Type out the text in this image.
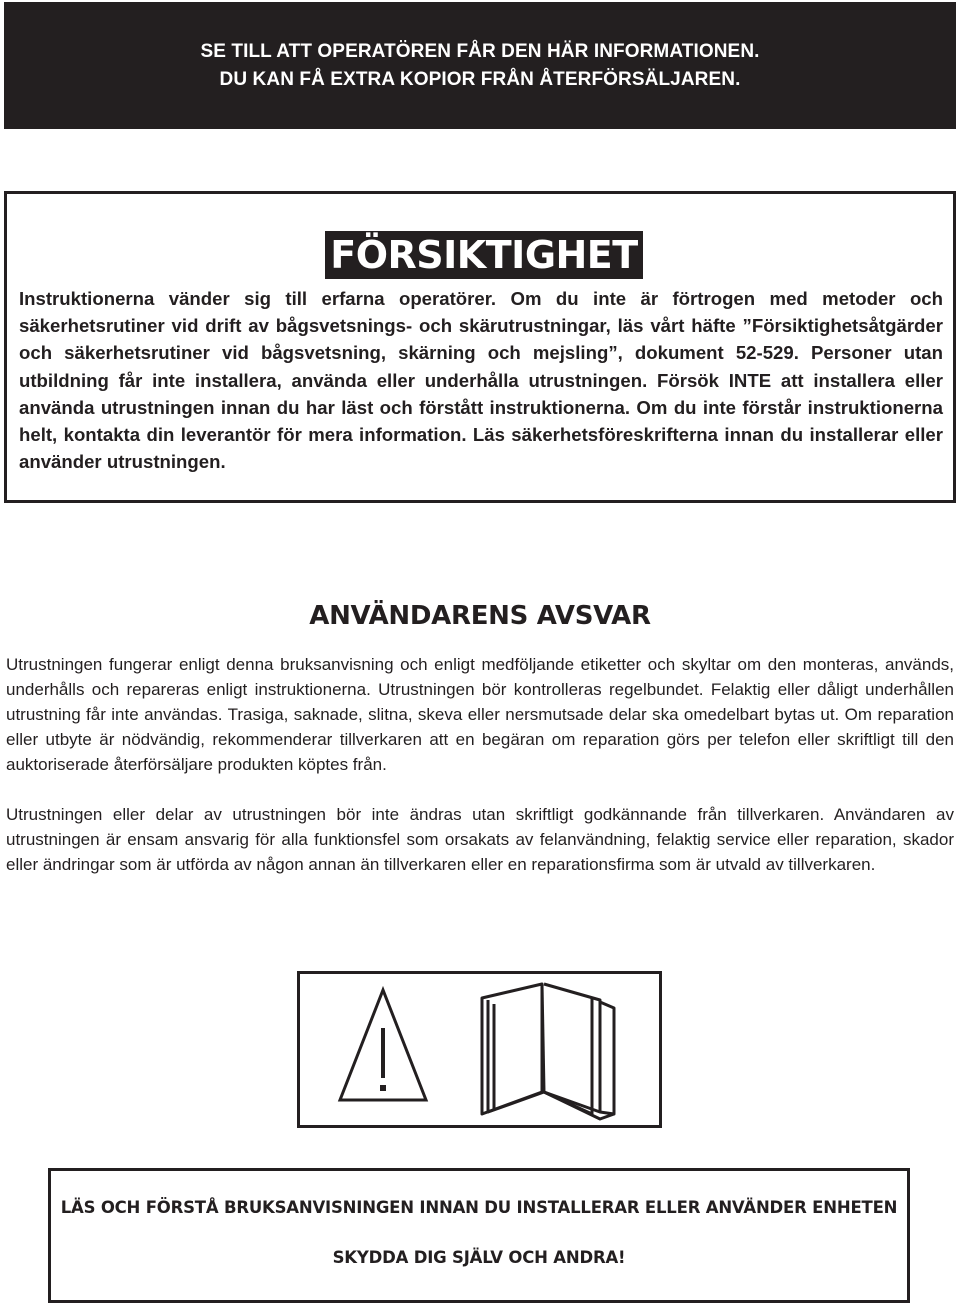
SE TILL ATT OPERATÖREN FÅR DEN HÄR INFORMATIONEN.
DU KAN FÅ EXTRA KOPIOR FRÅN ÅTERFÖRSÄLJAREN.
FÖRSIKTIGHET

Instruktionerna vänder sig till erfarna operatörer. Om du inte är förtrogen med metoder och säkerhetsrutiner vid drift av bågsvetsnings- och skärutrustningar, läs vårt häfte ”Försiktighetsåtgärder och säkerhetsrutiner vid bågsvetsning, skärning och mejsling”, dokument 52-529. Personer utan utbildning får inte installera, använda eller underhålla utrustningen. Försök INTE att installera eller använda utrustningen innan du har läst och förstått instruktionerna. Om du inte förstår instruktionerna helt, kontakta din leverantör för mera information. Läs säkerhetsföreskrifterna innan du installerar eller använder utrustningen.

ANVÄNDARENS AVSVAR

Utrustningen fungerar enligt denna bruksanvisning och enligt medföljande etiketter och skyltar om den monteras, används, underhålls och repareras enligt instruktionerna. Utrustningen bör kontrolleras regelbundet. Felaktig eller dåligt underhållen utrustning får inte användas. Trasiga, saknade, slitna, skeva eller nersmutsade delar ska omedelbart bytas ut. Om reparation eller utbyte är nödvändig, rekommenderar tillverkaren att en begäran om reparation görs per telefon eller skriftligt till den auktoriserade återförsäljare produkten köptes från.

Utrustningen eller delar av utrustningen bör inte ändras utan skriftligt godkännande från tillverkaren. Användaren av utrustningen är ensam ansvarig för alla funktionsfel som orsakats av felanvändning, felaktig service eller reparation, skador eller ändringar som är utförda av någon annan än tillverkaren eller en reparationsfirma som är utvald av tillverkaren.

LÄS OCH FÖRSTÅ BRUKSANVISNINGEN INNAN DU INSTALLERAR ELLER ANVÄNDER ENHETEN
SKYDDA DIG SJÄLV OCH ANDRA!
